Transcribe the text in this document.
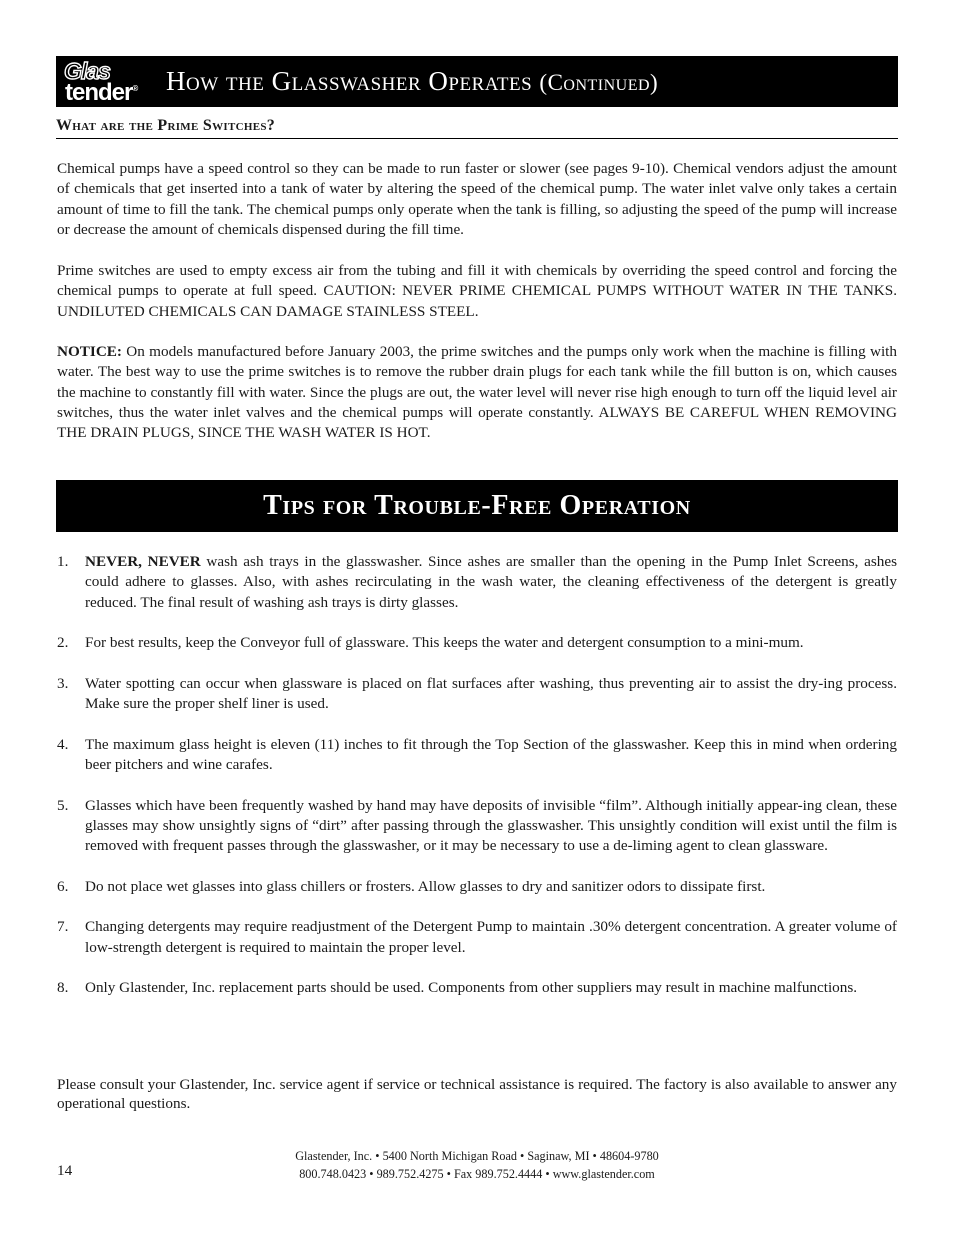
Glas
tender® How the Glasswasher Operates (Continued)
What are the Prime Switches?

Chemical pumps have a speed control so they can be made to run faster or slower (see pages 9-10). Chemical vendors adjust the amount of chemicals that get inserted into a tank of water by altering the speed of the chemical pump. The water inlet valve only takes a certain amount of time to fill the tank. The chemical pumps only operate when the tank is filling, so adjusting the speed of the pump will increase or decrease the amount of chemicals dispensed during the fill time.

Prime switches are used to empty excess air from the tubing and fill it with chemicals by overriding the speed control and forcing the chemical pumps to operate at full speed. CAUTION: NEVER PRIME CHEMICAL PUMPS WITHOUT WATER IN THE TANKS. UNDILUTED CHEMICALS CAN DAMAGE STAINLESS STEEL.

NOTICE: On models manufactured before January 2003, the prime switches and the pumps only work when the machine is filling with water. The best way to use the prime switches is to remove the rubber drain plugs for each tank while the fill button is on, which causes the machine to constantly fill with water. Since the plugs are out, the water level will never rise high enough to turn off the liquid level air switches, thus the water inlet valves and the chemical pumps will operate constantly. ALWAYS BE CAREFUL WHEN REMOVING THE DRAIN PLUGS, SINCE THE WASH WATER IS HOT.

Tips for Trouble-Free Operation
1.	NEVER, NEVER wash ash trays in the glasswasher. Since ashes are smaller than the opening in the Pump Inlet Screens, ashes could adhere to glasses. Also, with ashes recirculating in the wash water, the cleaning effectiveness of the detergent is greatly reduced. The final result of washing ash trays is dirty glasses.
2.	For best results, keep the Conveyor full of glassware. This keeps the water and detergent consumption to a mini-mum.
3.	Water spotting can occur when glassware is placed on flat surfaces after washing, thus preventing air to assist the dry-ing process. Make sure the proper shelf liner is used.
4.	The maximum glass height is eleven (11) inches to fit through the Top Section of the glasswasher. Keep this in mind when ordering beer pitchers and wine carafes.
5.	Glasses which have been frequently washed by hand may have deposits of invisible “film”. Although initially appear-ing clean, these glasses may show unsightly signs of “dirt” after passing through the glasswasher. This unsightly condition will exist until the film is removed with frequent passes through the glasswasher, or it may be necessary to use a de-liming agent to clean glassware.
6.	Do not place wet glasses into glass chillers or frosters. Allow glasses to dry and sanitizer odors to dissipate first.
7.	Changing detergents may require readjustment of the Detergent Pump to maintain .30% detergent concentration. A greater volume of low-strength detergent is required to maintain the proper level.
8.	Only Glastender, Inc. replacement parts should be used. Components from other suppliers may result in machine malfunctions.

Please consult your Glastender, Inc. service agent if service or technical assistance is required. The factory is also available to answer any operational questions.

Glastender, Inc. • 5400 North Michigan Road • Saginaw, MI • 48604-9780
800.748.0423 • 989.752.4275 • Fax 989.752.4444 • www.glastender.com
14
